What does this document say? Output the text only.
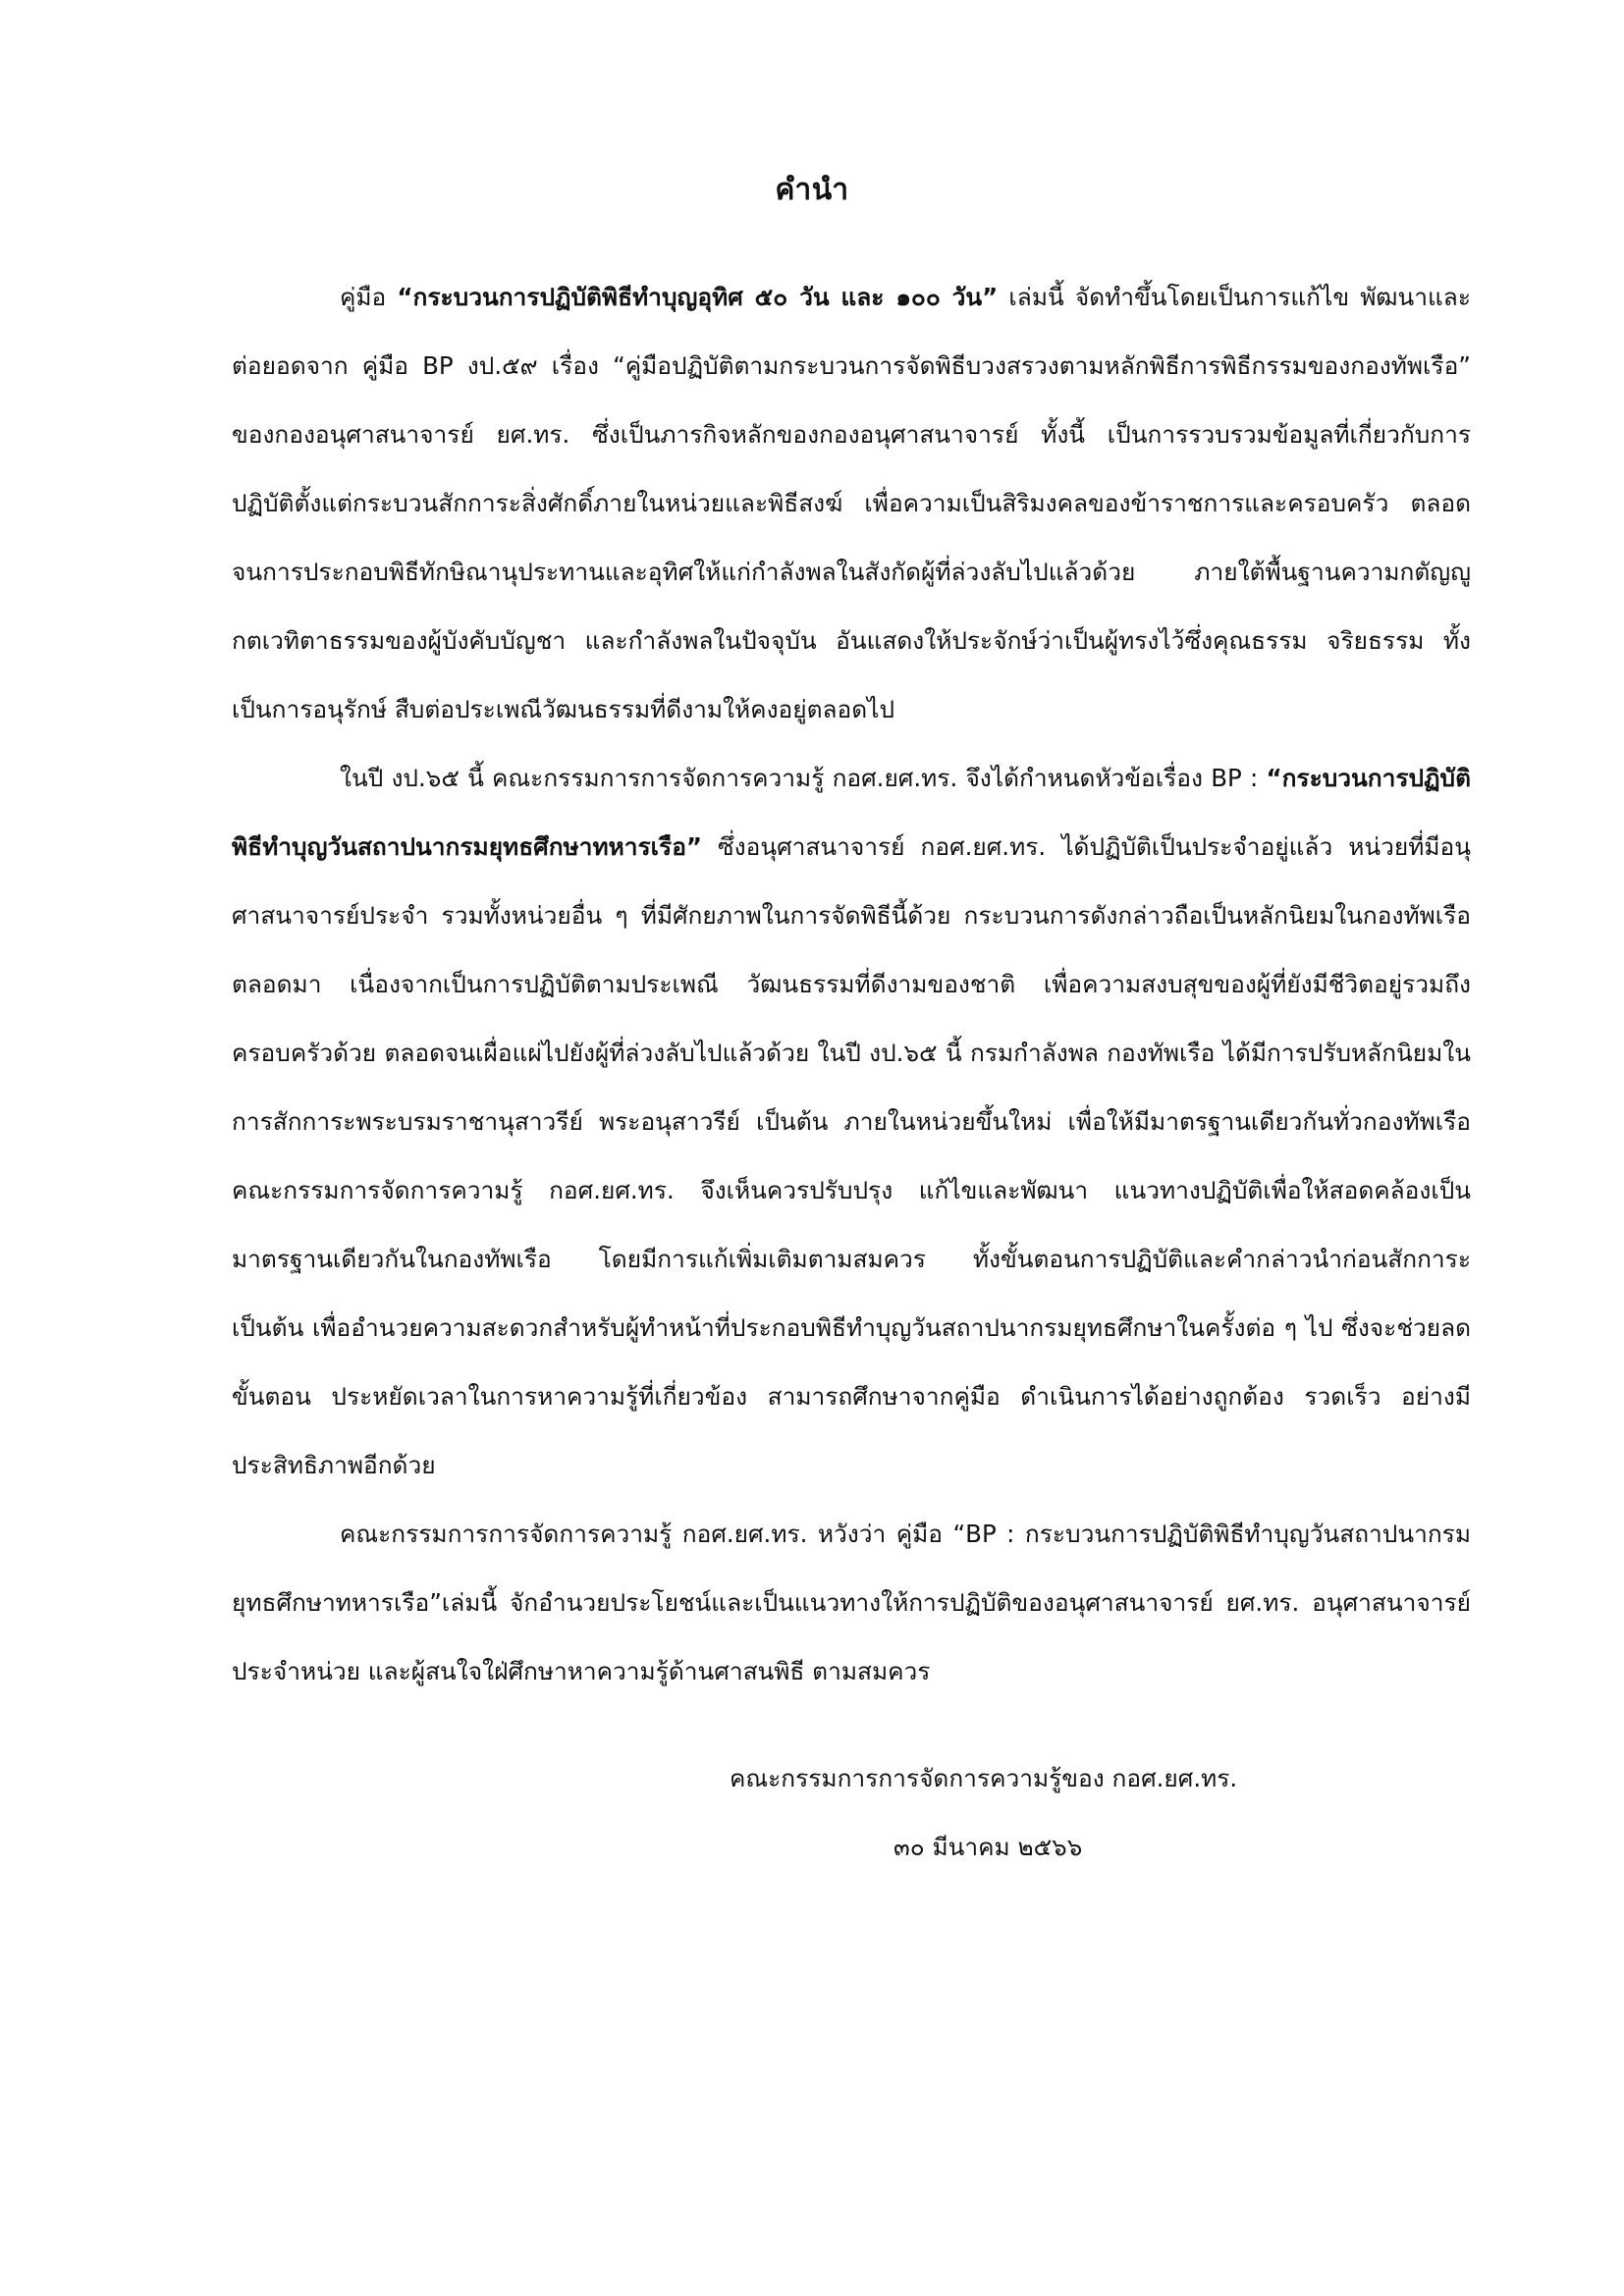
คำนำ

คู่มือ “กระบวนการปฏิบัติพิธีทำบุญอุทิศ ๕๐ วัน และ ๑๐๐ วัน” เล่มนี้ จัดทำขึ้นโดยเป็นการแก้ไข พัฒนาและต่อยอดจาก คู่มือ BP งป.๕๙ เรื่อง “คู่มือปฏิบัติตามกระบวนการจัดพิธีบวงสรวงตามหลักพิธีการพิธีกรรมของกองทัพเรือ” ของกองอนุศาสนาจารย์ ยศ.ทร. ซึ่งเป็นภารกิจหลักของกองอนุศาสนาจารย์ ทั้งนี้ เป็นการรวบรวมข้อมูลที่เกี่ยวกับการปฏิบัติตั้งแต่กระบวนสักการะสิ่งศักดิ์ภายในหน่วยและพิธีสงฆ์ เพื่อความเป็นสิริมงคลของข้าราชการและครอบครัว ตลอดจนการประกอบพิธีทักษิณานุประทานและอุทิศให้แก่กำลังพลในสังกัดผู้ที่ล่วงลับไปแล้วด้วย ภายใต้พื้นฐานความกตัญญูกตเวทิตาธรรมของผู้บังคับบัญชา และกำลังพลในปัจจุบัน อันแสดงให้ประจักษ์ว่าเป็นผู้ทรงไว้ซึ่งคุณธรรม จริยธรรม ทั้งเป็นการอนุรักษ์ สืบต่อประเพณีวัฒนธรรมที่ดีงามให้คงอยู่ตลอดไป

ในปี งป.๖๕ นี้ คณะกรรมการการจัดการความรู้ กอศ.ยศ.ทร. จึงได้กำหนดหัวข้อเรื่อง BP : “กระบวนการปฏิบัติพิธีทำบุญวันสถาปนากรมยุทธศึกษาทหารเรือ” ซึ่งอนุศาสนาจารย์ กอศ.ยศ.ทร. ได้ปฏิบัติเป็นประจำอยู่แล้ว หน่วยที่มีอนุศาสนาจารย์ประจำ รวมทั้งหน่วยอื่น ๆ ที่มีศักยภาพในการจัดพิธีนี้ด้วย กระบวนการดังกล่าวถือเป็นหลักนิยมในกองทัพเรือตลอดมา เนื่องจากเป็นการปฏิบัติตามประเพณี วัฒนธรรมที่ดีงามของชาติ เพื่อความสงบสุขของผู้ที่ยังมีชีวิตอยู่รวมถึงครอบครัวด้วย ตลอดจนเผื่อแผ่ไปยังผู้ที่ล่วงลับไปแล้วด้วย ในปี งป.๖๕ นี้ กรมกำลังพล กองทัพเรือ ได้มีการปรับหลักนิยมในการสักการะพระบรมราชานุสาวรีย์ พระอนุสาวรีย์ เป็นต้น ภายในหน่วยขึ้นใหม่ เพื่อให้มีมาตรฐานเดียวกันทั่วกองทัพเรือ คณะกรรมการจัดการความรู้ กอศ.ยศ.ทร. จึงเห็นควรปรับปรุง แก้ไขและพัฒนา แนวทางปฏิบัติเพื่อให้สอดคล้องเป็นมาตรฐานเดียวกันในกองทัพเรือ โดยมีการแก้เพิ่มเติมตามสมควร ทั้งขั้นตอนการปฏิบัติและคำกล่าวนำก่อนสักการะ เป็นต้น เพื่ออำนวยความสะดวกสำหรับผู้ทำหน้าที่ประกอบพิธีทำบุญวันสถาปนากรมยุทธศึกษาในครั้งต่อ ๆ ไป ซึ่งจะช่วยลดขั้นตอน ประหยัดเวลาในการหาความรู้ที่เกี่ยวข้อง สามารถศึกษาจากคู่มือ ดำเนินการได้อย่างถูกต้อง รวดเร็ว อย่างมีประสิทธิภาพอีกด้วย

คณะกรรมการการจัดการความรู้ กอศ.ยศ.ทร. หวังว่า คู่มือ “BP : กระบวนการปฏิบัติพิธีทำบุญวันสถาปนากรมยุทธศึกษาทหารเรือ”เล่มนี้ จักอำนวยประโยชน์และเป็นแนวทางให้การปฏิบัติของอนุศาสนาจารย์ ยศ.ทร. อนุศาสนาจารย์ประจำหน่วย และผู้สนใจใฝ่ศึกษาหาความรู้ด้านศาสนพิธี ตามสมควร

คณะกรรมการการจัดการความรู้ของ กอศ.ยศ.ทร.
๓๐ มีนาคม ๒๕๖๖
